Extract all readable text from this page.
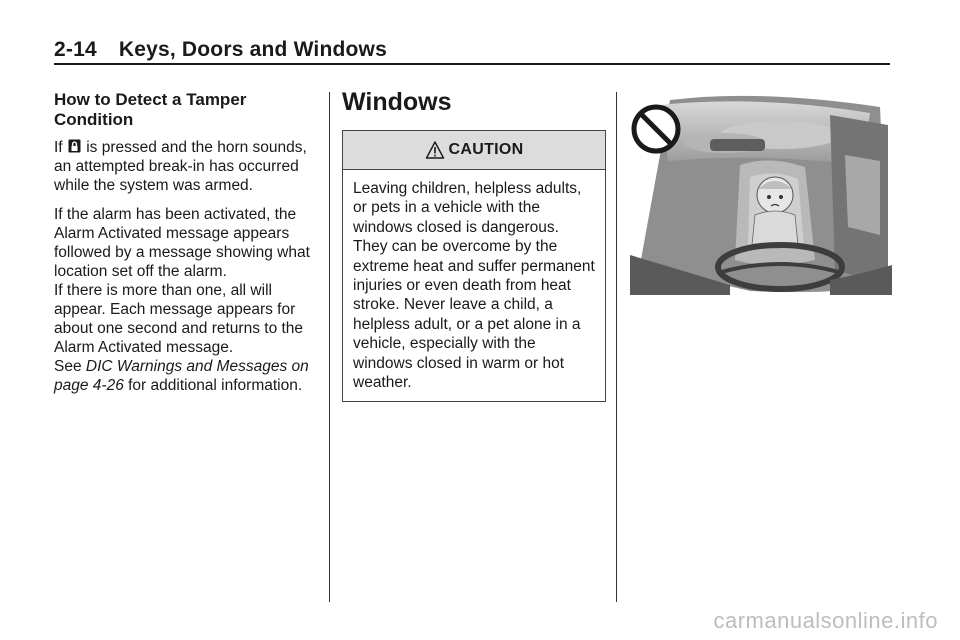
2-14 Keys, Doors and Windows
How to Detect a Tamper Condition

If  is pressed and the horn sounds, an attempted break-in has occurred while the system was armed.

If the alarm has been activated, the Alarm Activated message appears followed by a message showing what location set off the alarm.

If there is more than one, all will appear. Each message appears for about one second and returns to the Alarm Activated message.

See DIC Warnings and Messages on page 4-26 for additional information.

Windows
CAUTION
Leaving children, helpless adults, or pets in a vehicle with the windows closed is dangerous. They can be overcome by the extreme heat and suffer permanent injuries or even death from heat stroke. Never leave a child, a helpless adult, or a pet alone in a vehicle, especially with the windows closed in warm or hot weather.
carmanualsonline.info
